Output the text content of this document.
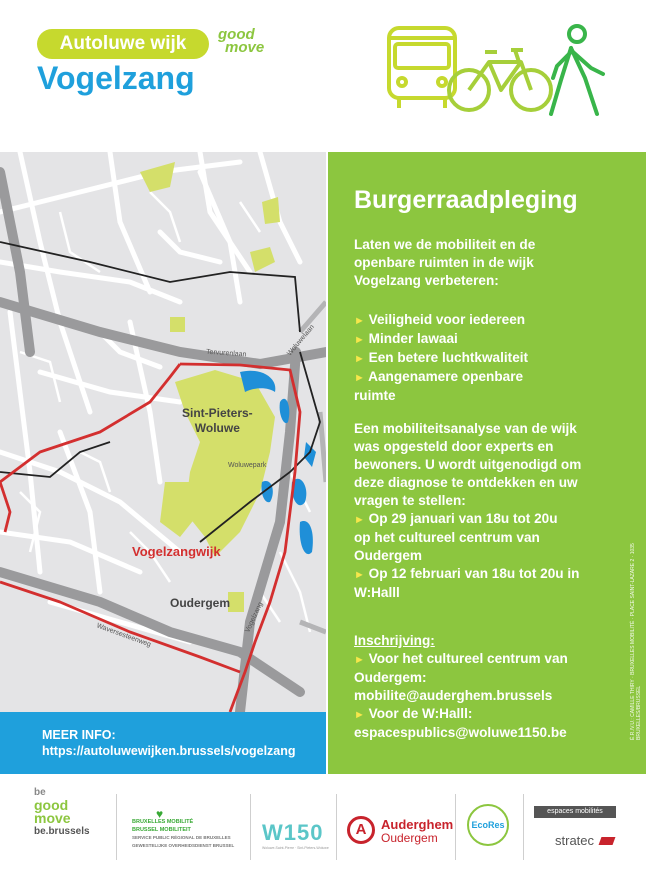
Autoluwe wijk	good
move
Vogelzang
Sint-Pieters-
Woluwe
Vogelzangwijk
Oudergem
Tervurenlaan	Woluwelaan
Woluwepark
Vogelzang
Waversesteenweg
MEER INFO:
https://autoluwewijken.brussels/vogelzang
Burgerraadpleging
Laten we de mobiliteit en de
openbare ruimten in de wijk
Vogelzang verbeteren:
► Veiligheid voor iedereen
► Minder lawaai
► Een betere luchtkwaliteit
► Aangenamere openbare
ruimte
Een mobiliteitsanalyse van de wijk
was opgesteld door experts en
bewoners. U wordt uitgenodigd om
deze diagnose te ontdekken en uw
vragen te stellen:
► Op 29 januari van 18u tot 20u
op het cultureel centrum van
Oudergem
► Op 12 februari van 18u tot 20u in
W:Halll
Inschrijving:
► Voor het cultureel centrum van
Oudergem:
mobilite@auderghem.brussels
► Voor de W:Halll:
espacespublics@woluwe1150.be	É.R./V.U.: CAMILLE THIRY · BRUXELLES MOBILITÉ · PLACE SAINT-LAZARE 2 · 1035 BRUXELLES/BRUSSEL
be
good
move
be.brussels
♥
BRUXELLES MOBILITÉ
BRUSSEL MOBILITEIT
SERVICE PUBLIC RÉGIONAL DE BRUXELLES
GEWESTELIJKE OVERHEIDSDIENST BRUSSEL
W150
Woluwe-Saint-Pierre · Sint-Pieters-Woluwe
A	Auderghem
Oudergem
EcoRes
espaces mobilités
stratec
